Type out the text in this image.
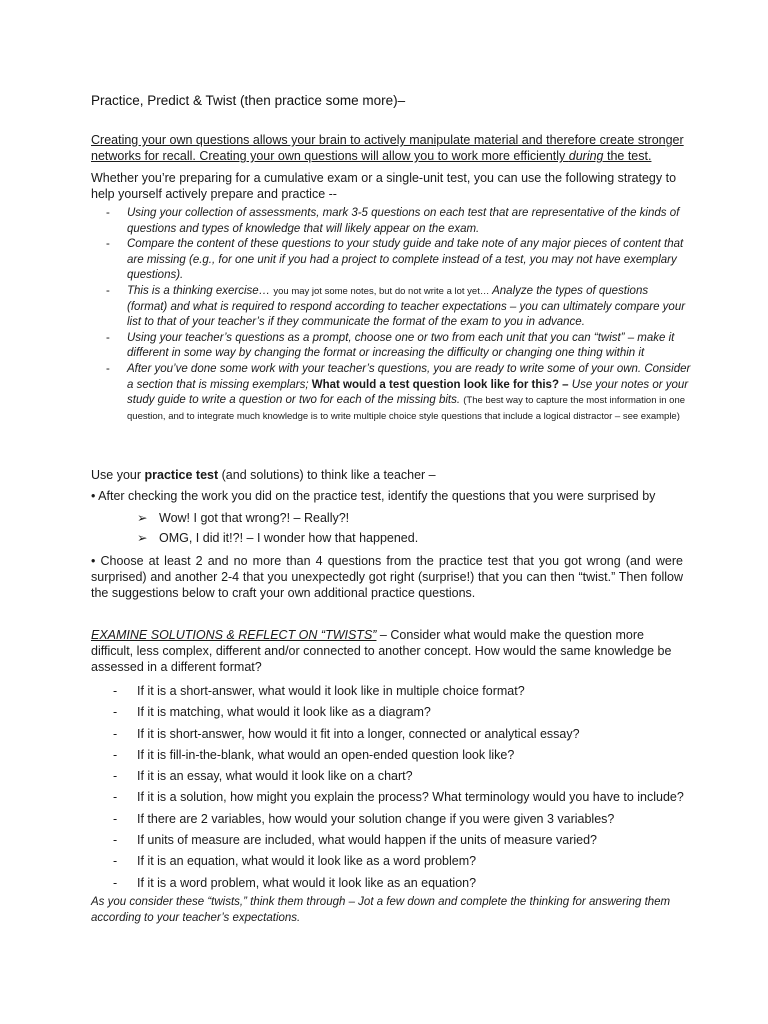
Practice, Predict & Twist (then practice some more)–
Creating your own questions allows your brain to actively manipulate material and therefore create stronger networks for recall. Creating your own questions will allow you to work more efficiently during the test.
Whether you’re preparing for a cumulative exam or a single-unit test, you can use the following strategy to help yourself actively prepare and practice --
- Using your collection of assessments, mark 3-5 questions on each test that are representative of the kinds of questions and types of knowledge that will likely appear on the exam.
- Compare the content of these questions to your study guide and take note of any major pieces of content that are missing (e.g., for one unit if you had a project to complete instead of a test, you may not have exemplary questions).
- This is a thinking exercise… you may jot some notes, but do not write a lot yet… Analyze the types of questions (format) and what is required to respond according to teacher expectations – you can ultimately compare your list to that of your teacher’s if they communicate the format of the exam to you in advance.
- Using your teacher’s questions as a prompt, choose one or two from each unit that you can “twist” – make it different in some way by changing the format or increasing the difficulty or changing one thing within it
- After you’ve done some work with your teacher’s questions, you are ready to write some of your own. Consider a section that is missing exemplars; What would a test question look like for this? – Use your notes or your study guide to write a question or two for each of the missing bits. (The best way to capture the most information in one question, and to integrate much knowledge is to write multiple choice style questions that include a logical distractor – see example)
Use your practice test (and solutions) to think like a teacher –
• After checking the work you did on the practice test, identify the questions that you were surprised by
➢ Wow! I got that wrong?! – Really?!
➢ OMG, I did it!?! – I wonder how that happened.
• Choose at least 2 and no more than 4 questions from the practice test that you got wrong (and were surprised) and another 2-4 that you unexpectedly got right (surprise!) that you can then “twist.” Then follow the suggestions below to craft your own additional practice questions.
EXAMINE SOLUTIONS & REFLECT ON “TWISTS” – Consider what would make the question more difficult, less complex, different and/or connected to another concept. How would the same knowledge be assessed in a different format?
- If it is a short-answer, what would it look like in multiple choice format?
- If it is matching, what would it look like as a diagram?
- If it is short-answer, how would it fit into a longer, connected or analytical essay?
- If it is fill-in-the-blank, what would an open-ended question look like?
- If it is an essay, what would it look like on a chart?
- If it is a solution, how might you explain the process? What terminology would you have to include?
- If there are 2 variables, how would your solution change if you were given 3 variables?
- If units of measure are included, what would happen if the units of measure varied?
- If it is an equation, what would it look like as a word problem?
- If it is a word problem, what would it look like as an equation?
As you consider these “twists,” think them through – Jot a few down and complete the thinking for answering them according to your teacher’s expectations.
